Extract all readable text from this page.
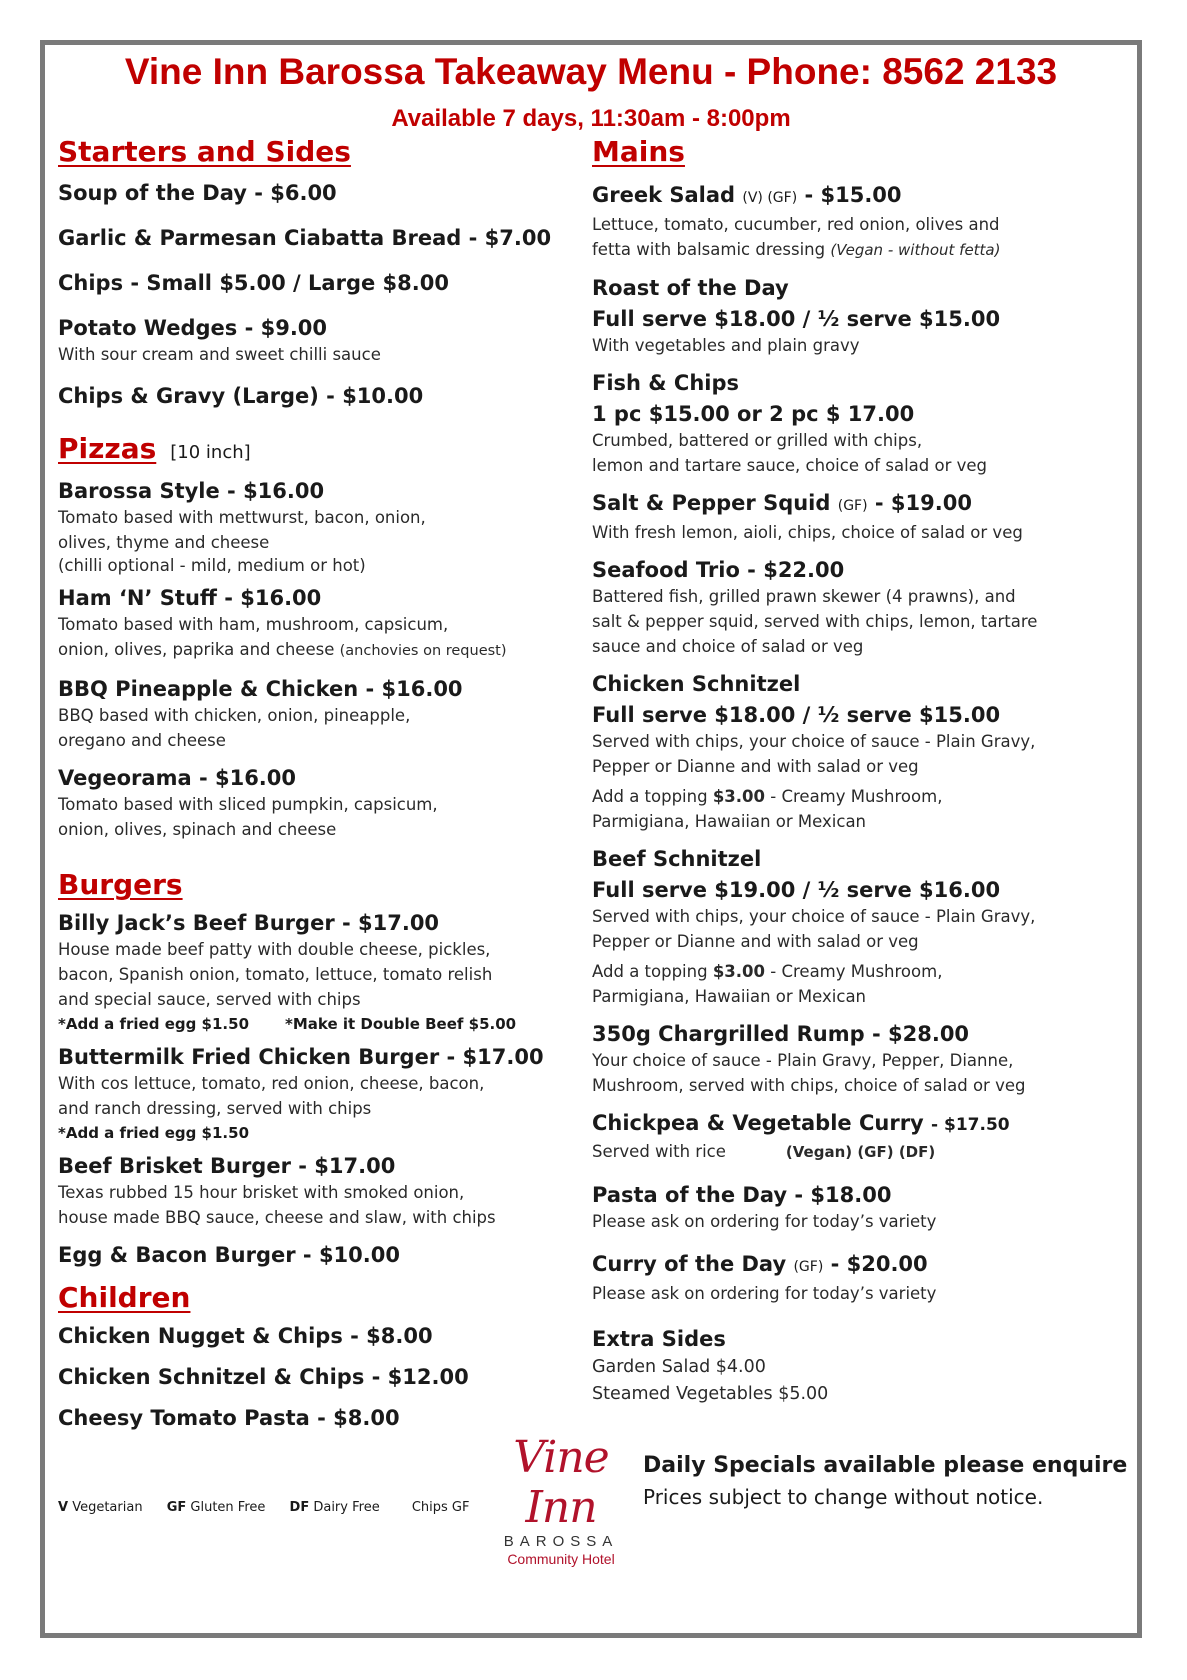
Vine Inn Barossa Takeaway Menu - Phone: 8562 2133
Available 7 days, 11:30am - 8:00pm
Starters and Sides
Soup of the Day - $6.00
Garlic & Parmesan Ciabatta Bread - $7.00
Chips - Small $5.00 / Large $8.00
Potato Wedges - $9.00
With sour cream and sweet chilli sauce
Chips & Gravy (Large) - $10.00
Pizzas [10 inch]
Barossa Style - $16.00
Tomato based with mettwurst, bacon, onion,
olives, thyme and cheese
(chilli optional - mild, medium or hot)
Ham ‘N’ Stuff - $16.00
Tomato based with ham, mushroom, capsicum,
onion, olives, paprika and cheese (anchovies on request)
BBQ Pineapple & Chicken - $16.00
BBQ based with chicken, onion, pineapple,
oregano and cheese
Vegeorama - $16.00
Tomato based with sliced pumpkin, capsicum,
onion, olives, spinach and cheese
Burgers
Billy Jack’s Beef Burger - $17.00
House made beef patty with double cheese, pickles,
bacon, Spanish onion, tomato, lettuce, tomato relish
and special sauce, served with chips
*Add a fried egg $1.50 *Make it Double Beef $5.00
Buttermilk Fried Chicken Burger - $17.00
With cos lettuce, tomato, red onion, cheese, bacon,
and ranch dressing, served with chips
*Add a fried egg $1.50
Beef Brisket Burger - $17.00
Texas rubbed 15 hour brisket with smoked onion,
house made BBQ sauce, cheese and slaw, with chips
Egg & Bacon Burger - $10.00
Children
Chicken Nugget & Chips - $8.00
Chicken Schnitzel & Chips - $12.00
Cheesy Tomato Pasta - $8.00
V Vegetarian GF Gluten Free DF Dairy Free Chips GF
Mains
Greek Salad (V) (GF) - $15.00
Lettuce, tomato, cucumber, red onion, olives and
fetta with balsamic dressing (Vegan - without fetta)
Roast of the Day
Full serve $18.00 / ½ serve $15.00
With vegetables and plain gravy
Fish & Chips
1 pc $15.00 or 2 pc $ 17.00
Crumbed, battered or grilled with chips,
lemon and tartare sauce, choice of salad or veg
Salt & Pepper Squid (GF) - $19.00
With fresh lemon, aioli, chips, choice of salad or veg
Seafood Trio - $22.00
Battered fish, grilled prawn skewer (4 prawns), and
salt & pepper squid, served with chips, lemon, tartare
sauce and choice of salad or veg
Chicken Schnitzel
Full serve $18.00 / ½ serve $15.00
Served with chips, your choice of sauce - Plain Gravy,
Pepper or Dianne and with salad or veg
Add a topping $3.00 - Creamy Mushroom,
Parmigiana, Hawaiian or Mexican
Beef Schnitzel
Full serve $19.00 / ½ serve $16.00
Served with chips, your choice of sauce - Plain Gravy,
Pepper or Dianne and with salad or veg
Add a topping $3.00 - Creamy Mushroom,
Parmigiana, Hawaiian or Mexican
350g Chargrilled Rump - $28.00
Your choice of sauce - Plain Gravy, Pepper, Dianne,
Mushroom, served with chips, choice of salad or veg
Chickpea & Vegetable Curry - $17.50
Served with rice	(Vegan) (GF) (DF)
Pasta of the Day - $18.00
Please ask on ordering for today’s variety
Curry of the Day (GF) - $20.00
Please ask on ordering for today’s variety
Extra Sides
Garden Salad $4.00
Steamed Vegetables $5.00
Vine Inn
BAROSSA
Community Hotel
Daily Specials available please enquire
Prices subject to change without notice.
